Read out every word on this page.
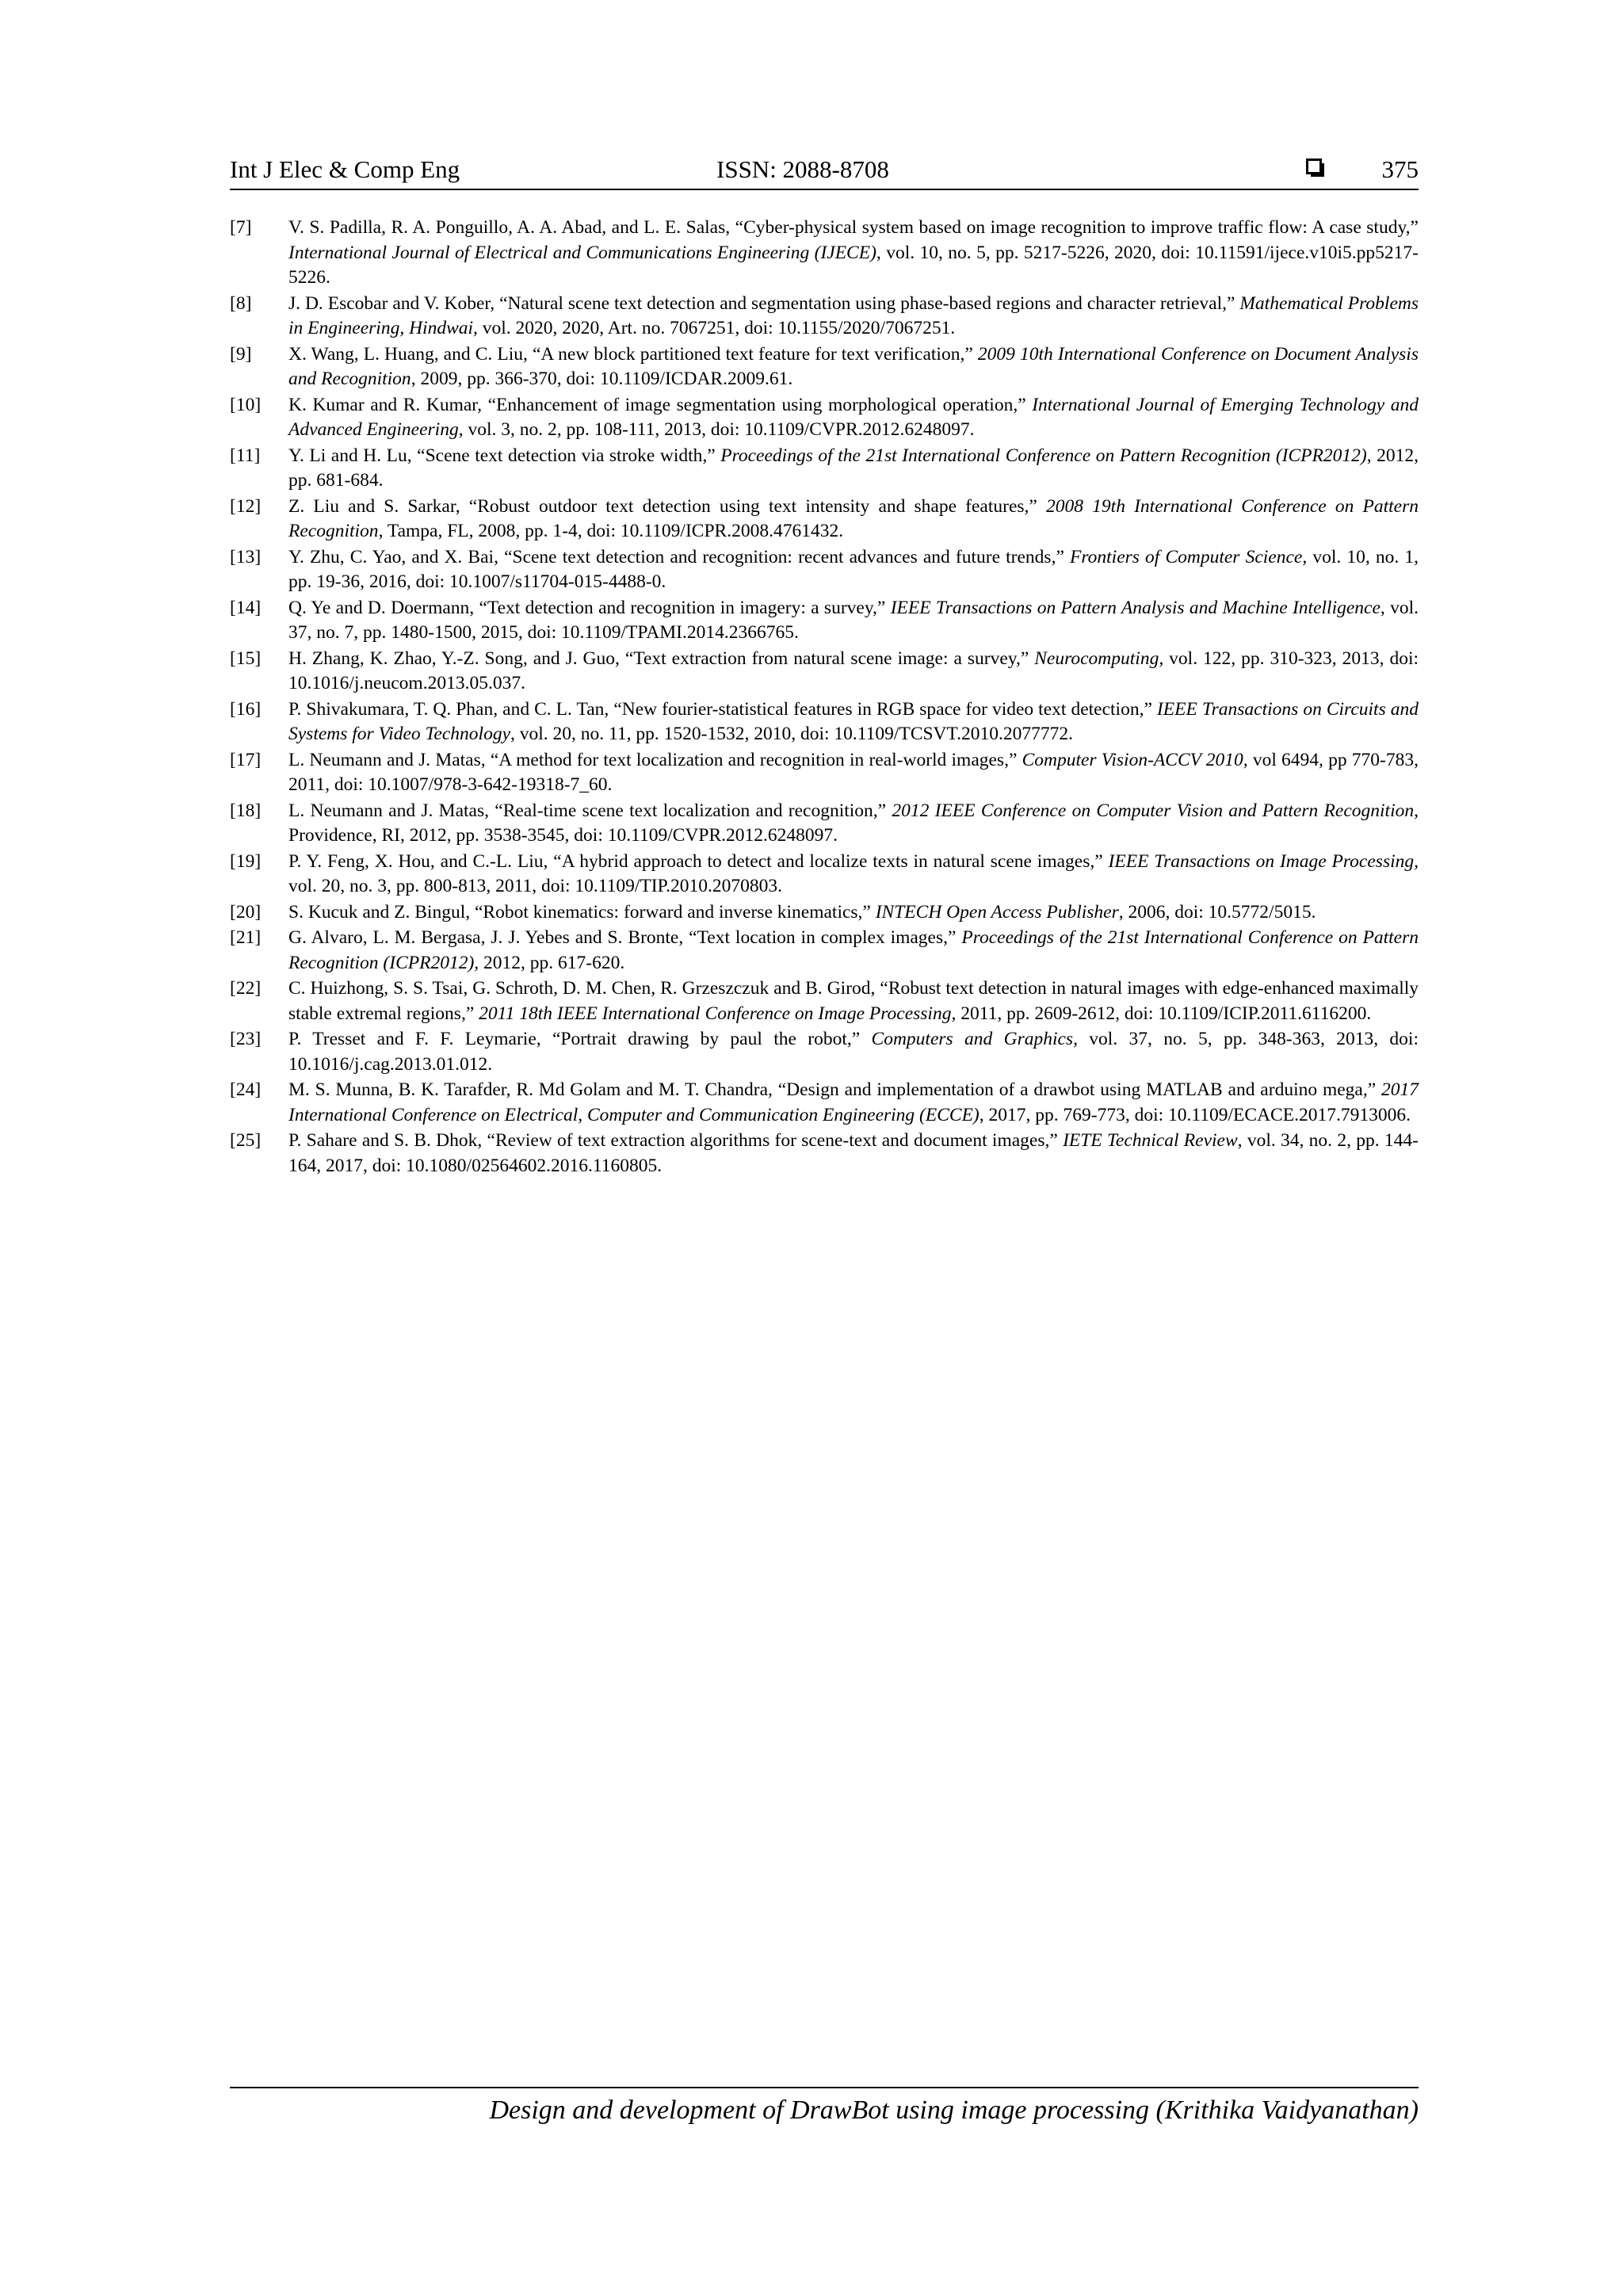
Int J Elec & Comp Eng	ISSN: 2088-8708	375
[7]	V. S. Padilla, R. A. Ponguillo, A. A. Abad, and L. E. Salas, “Cyber-physical system based on image recognition to improve traffic flow: A case study,” International Journal of Electrical and Communications Engineering (IJECE), vol. 10, no. 5, pp. 5217-5226, 2020, doi: 10.11591/ijece.v10i5.pp5217-5226.
[8]	J. D. Escobar and V. Kober, “Natural scene text detection and segmentation using phase-based regions and character retrieval,” Mathematical Problems in Engineering, Hindwai, vol. 2020, 2020, Art. no. 7067251, doi: 10.1155/2020/7067251.
[9]	X. Wang, L. Huang, and C. Liu, “A new block partitioned text feature for text verification,” 2009 10th International Conference on Document Analysis and Recognition, 2009, pp. 366-370, doi: 10.1109/ICDAR.2009.61.
[10]	K. Kumar and R. Kumar, “Enhancement of image segmentation using morphological operation,” International Journal of Emerging Technology and Advanced Engineering, vol. 3, no. 2, pp. 108-111, 2013, doi: 10.1109/CVPR.2012.6248097.
[11]	Y. Li and H. Lu, “Scene text detection via stroke width,” Proceedings of the 21st International Conference on Pattern Recognition (ICPR2012), 2012, pp. 681-684.
[12]	Z. Liu and S. Sarkar, “Robust outdoor text detection using text intensity and shape features,” 2008 19th International Conference on Pattern Recognition, Tampa, FL, 2008, pp. 1-4, doi: 10.1109/ICPR.2008.4761432.
[13]	Y. Zhu, C. Yao, and X. Bai, “Scene text detection and recognition: recent advances and future trends,” Frontiers of Computer Science, vol. 10, no. 1, pp. 19-36, 2016, doi: 10.1007/s11704-015-4488-0.
[14]	Q. Ye and D. Doermann, “Text detection and recognition in imagery: a survey,” IEEE Transactions on Pattern Analysis and Machine Intelligence, vol. 37, no. 7, pp. 1480-1500, 2015, doi: 10.1109/TPAMI.2014.2366765.
[15]	H. Zhang, K. Zhao, Y.-Z. Song, and J. Guo, “Text extraction from natural scene image: a survey,” Neurocomputing, vol. 122, pp. 310-323, 2013, doi: 10.1016/j.neucom.2013.05.037.
[16]	P. Shivakumara, T. Q. Phan, and C. L. Tan, “New fourier-statistical features in RGB space for video text detection,” IEEE Transactions on Circuits and Systems for Video Technology, vol. 20, no. 11, pp. 1520-1532, 2010, doi: 10.1109/TCSVT.2010.2077772.
[17]	L. Neumann and J. Matas, “A method for text localization and recognition in real-world images,” Computer Vision-ACCV 2010, vol 6494, pp 770-783, 2011, doi: 10.1007/978-3-642-19318-7_60.
[18]	L. Neumann and J. Matas, “Real-time scene text localization and recognition,” 2012 IEEE Conference on Computer Vision and Pattern Recognition, Providence, RI, 2012, pp. 3538-3545, doi: 10.1109/CVPR.2012.6248097.
[19]	P. Y. Feng, X. Hou, and C.-L. Liu, “A hybrid approach to detect and localize texts in natural scene images,” IEEE Transactions on Image Processing, vol. 20, no. 3, pp. 800-813, 2011, doi: 10.1109/TIP.2010.2070803.
[20]	S. Kucuk and Z. Bingul, “Robot kinematics: forward and inverse kinematics,” INTECH Open Access Publisher, 2006, doi: 10.5772/5015.
[21]	G. Alvaro, L. M. Bergasa, J. J. Yebes and S. Bronte, “Text location in complex images,” Proceedings of the 21st International Conference on Pattern Recognition (ICPR2012), 2012, pp. 617-620.
[22]	C. Huizhong, S. S. Tsai, G. Schroth, D. M. Chen, R. Grzeszczuk and B. Girod, “Robust text detection in natural images with edge-enhanced maximally stable extremal regions,” 2011 18th IEEE International Conference on Image Processing, 2011, pp. 2609-2612, doi: 10.1109/ICIP.2011.6116200.
[23]	P. Tresset and F. F. Leymarie, “Portrait drawing by paul the robot,” Computers and Graphics, vol. 37, no. 5, pp. 348-363, 2013, doi: 10.1016/j.cag.2013.01.012.
[24]	M. S. Munna, B. K. Tarafder, R. Md Golam and M. T. Chandra, “Design and implementation of a drawbot using MATLAB and arduino mega,” 2017 International Conference on Electrical, Computer and Communication Engineering (ECCE), 2017, pp. 769-773, doi: 10.1109/ECACE.2017.7913006.
[25]	P. Sahare and S. B. Dhok, “Review of text extraction algorithms for scene-text and document images,” IETE Technical Review, vol. 34, no. 2, pp. 144-164, 2017, doi: 10.1080/02564602.2016.1160805.
Design and development of DrawBot using image processing (Krithika Vaidyanathan)
